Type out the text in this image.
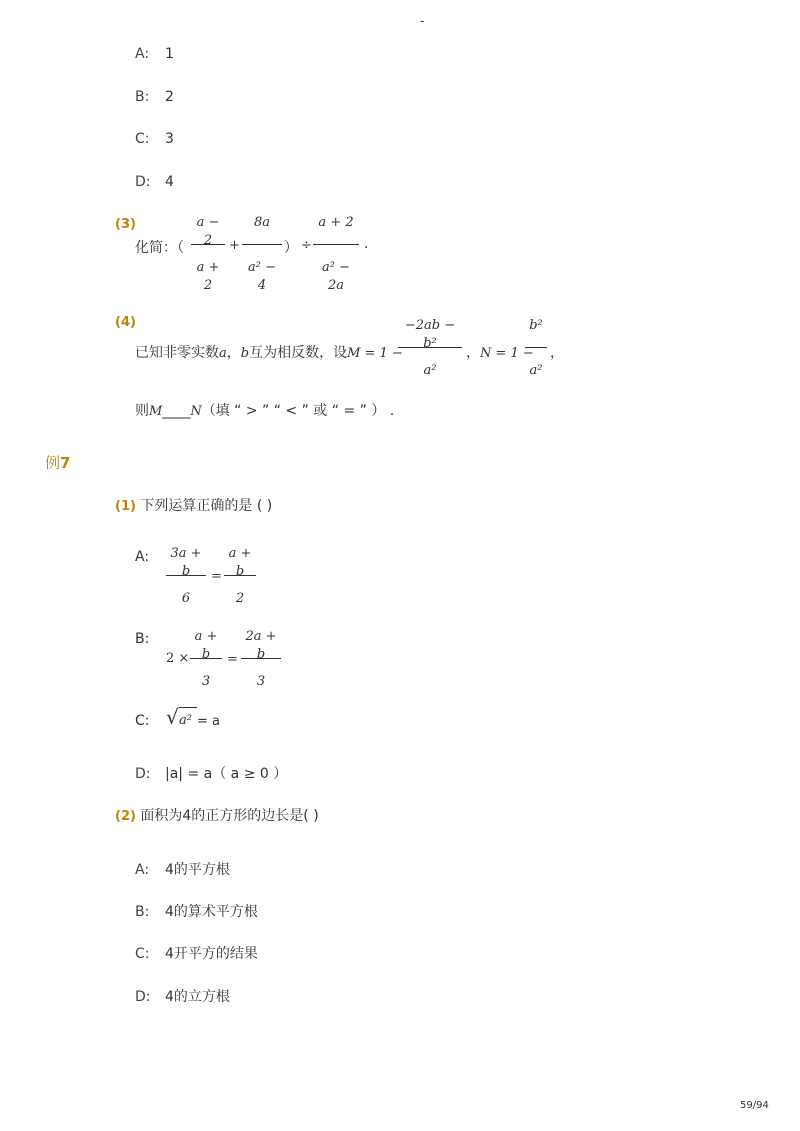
-
A: 1
B: 2
C: 3
D: 4
(3)
化简：（
a − 2
a + 2
+
8a
a² − 4
） ÷
a + 2
a² − 2a
.
(4)
已知非零实数a，b互为相反数，设M = 1 −
−2ab − b²
a²
，N = 1 −
b²
a²
，
则M____N（填 “ > ” “ < ” 或 “ = ” ） .
例7
(1) 下列运算正确的是 ( )
A:	3a + b
6
=
a + b
2
B:
2 ×
a + b
3
=
2a + b
3
C: √ a² = a
D: |a| = a（ a ≥ 0 ）
(2) 面积为4的正方形的边长是( )
A: 4的平方根
B: 4的算术平方根
C: 4开平方的结果
D: 4的立方根
59/94
